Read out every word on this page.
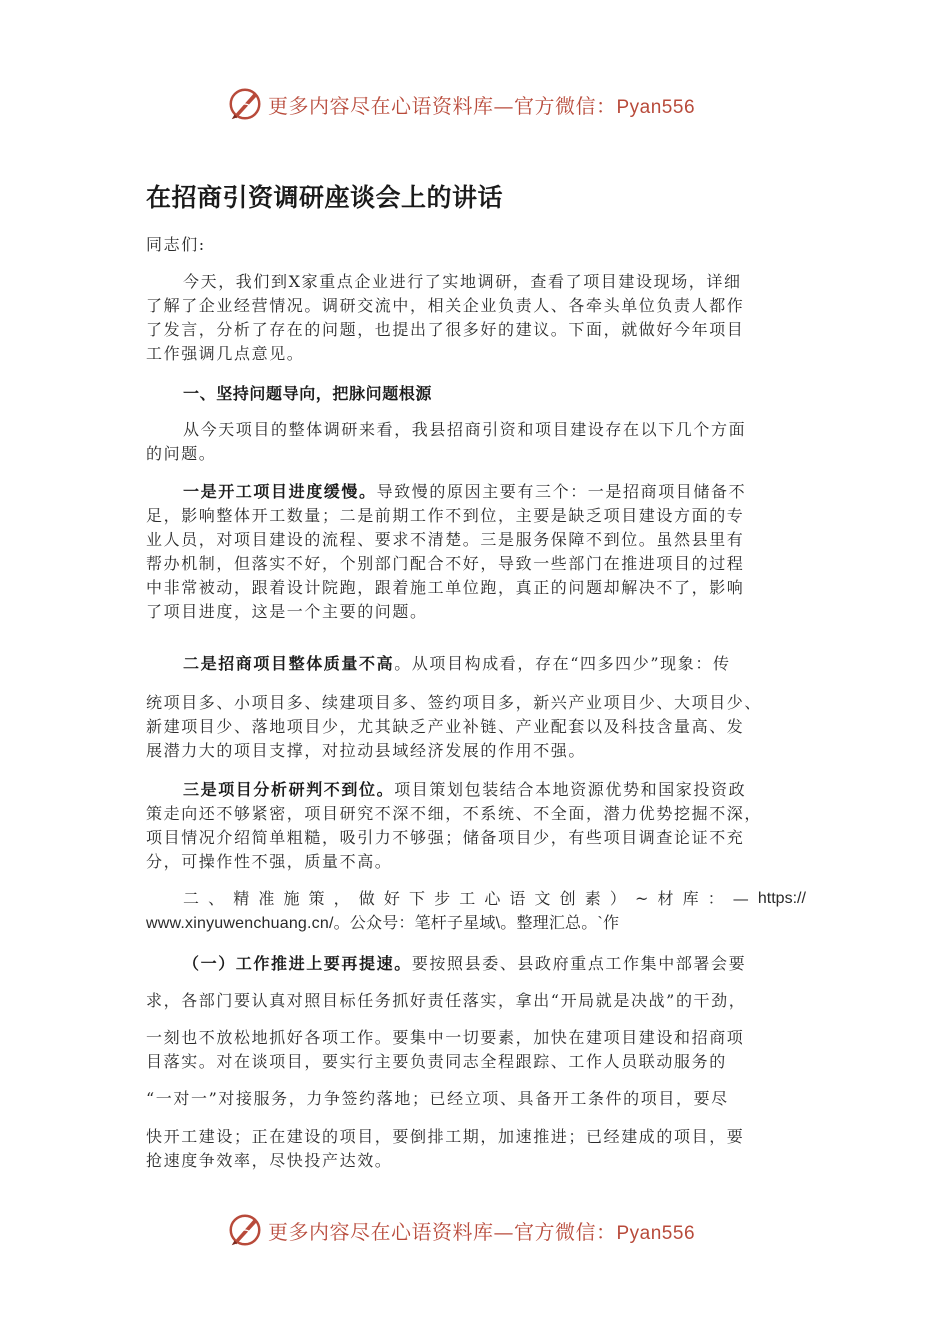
更多内容尽在心语资料库—官方微信：Pyan556
在招商引资调研座谈会上的讲话
同志们:
今天，我们到X家重点企业进行了实地调研，查看了项目建设现场，详细
了解了企业经营情况。调研交流中，相关企业负责人、各牵头单位负责人都作
了发言，分析了存在的问题，也提出了很多好的建议。下面，就做好今年项目
工作强调几点意见。
一、坚持问题导向，把脉问题根源
从今天项目的整体调研来看，我县招商引资和项目建设存在以下几个方面
的问题。
一是开工项目进度缓慢。导致慢的原因主要有三个：一是招商项目储备不
足，影响整体开工数量；二是前期工作不到位，主要是缺乏项目建设方面的专
业人员，对项目建设的流程、要求不清楚。三是服务保障不到位。虽然县里有
帮办机制，但落实不好，个别部门配合不好，导致一些部门在推进项目的过程
中非常被动，跟着设计院跑，跟着施工单位跑，真正的问题却解决不了，影响
了项目进度，这是一个主要的问题。
二是招商项目整体质量不高。从项目构成看，存在“四多四少”现象：传
统项目多、小项目多、续建项目多、签约项目多，新兴产业项目少、大项目少、
新建项目少、落地项目少，尤其缺乏产业补链、产业配套以及科技含量高、发
展潜力大的项目支撑，对拉动县域经济发展的作用不强。
三是项目分析研判不到位。项目策划包装结合本地资源优势和国家投资政
策走向还不够紧密，项目研究不深不细，不系统、不全面，潜力优势挖掘不深，
项目情况介绍简单粗糙，吸引力不够强；储备项目少，有些项目调查论证不充
分，可操作性不强，质量不高。
二 、 精 准 施 策 ， 做 好 下 步 工 心 语 文 创 素 ） ~ 材 库 ： — https://
www.xinyuwenchuang.cn/。公众号：笔杆子星域\。整理汇总。`作
（一）工作推进上要再提速。要按照县委、县政府重点工作集中部署会要
求，各部门要认真对照目标任务抓好责任落实，拿出“开局就是决战”的干劲，
一刻也不放松地抓好各项工作。要集中一切要素，加快在建项目建设和招商项
目落实。对在谈项目，要实行主要负责同志全程跟踪、工作人员联动服务的
“一对一”对接服务，力争签约落地；已经立项、具备开工条件的项目，要尽
快开工建设；正在建设的项目，要倒排工期，加速推进；已经建成的项目，要
抢速度争效率，尽快投产达效。
更多内容尽在心语资料库—官方微信：Pyan556
